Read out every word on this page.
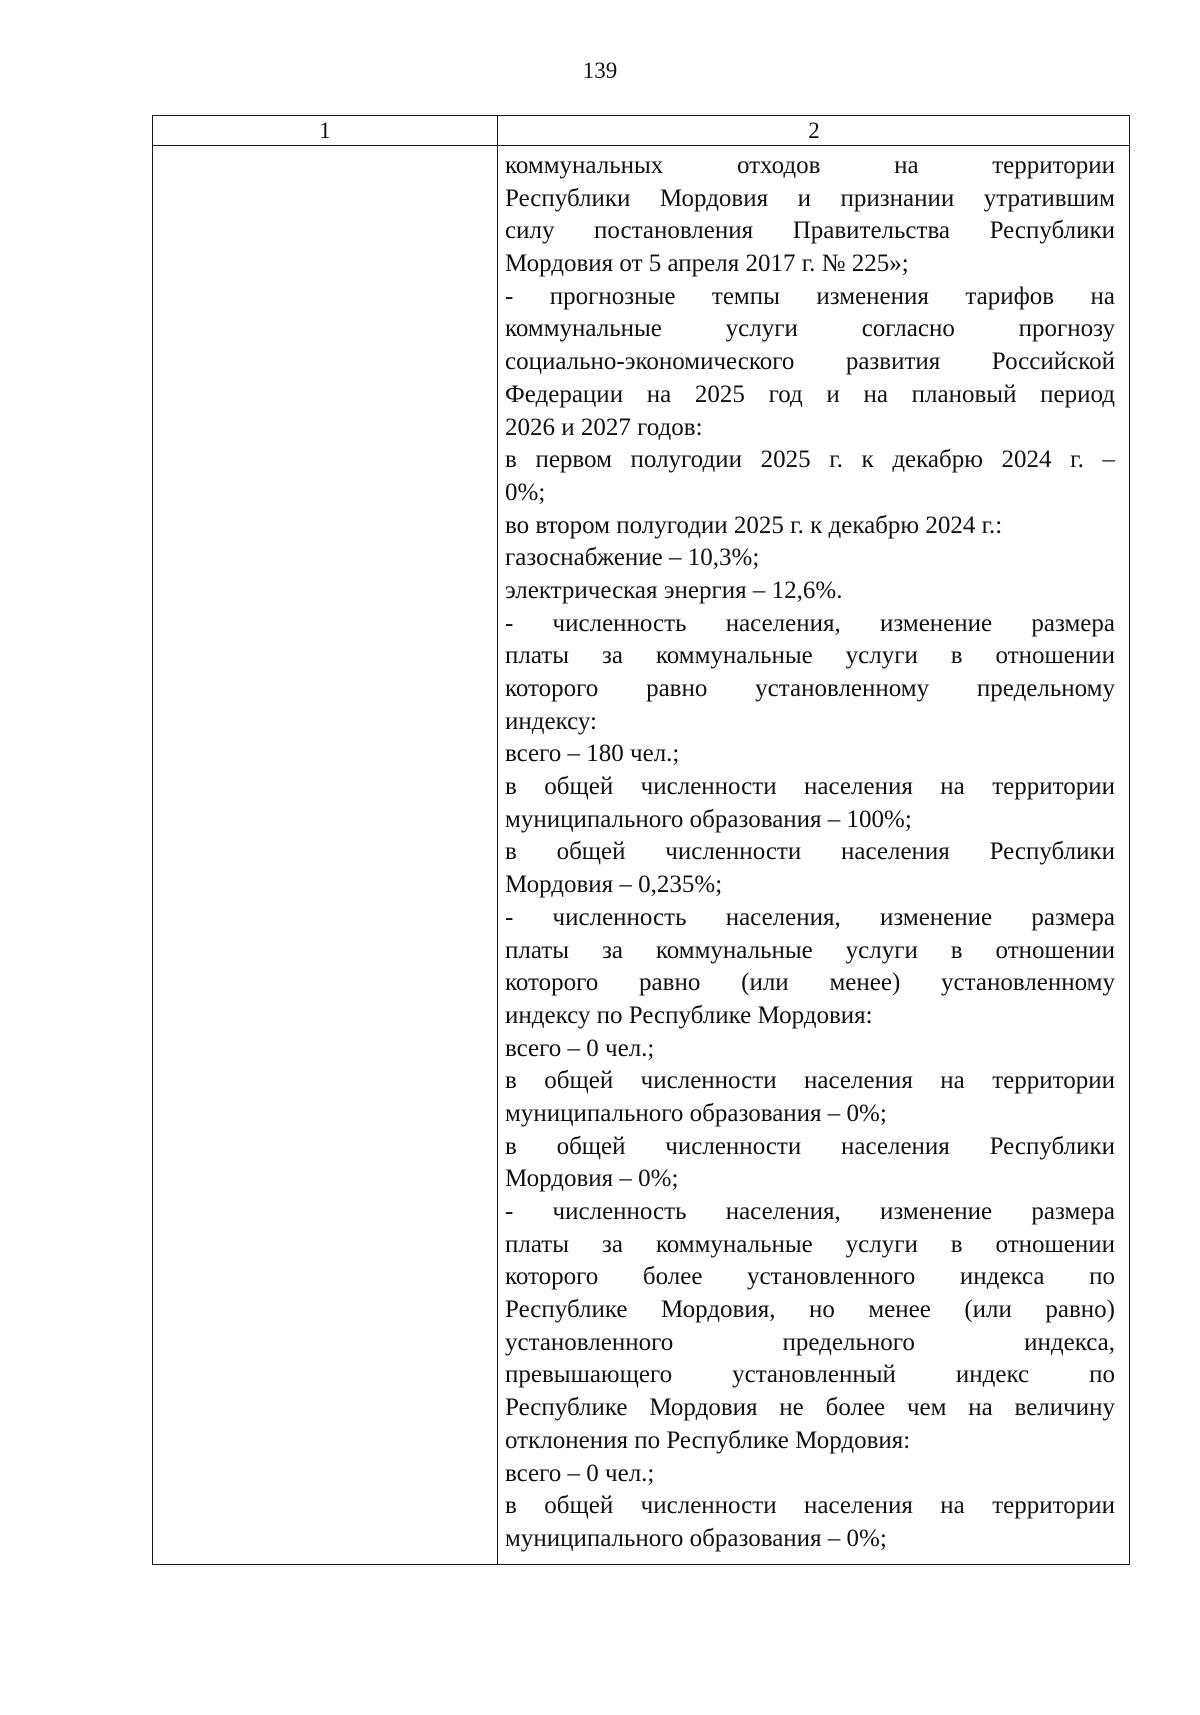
139
1	2
коммунальных отходов на территории
Республики Мордовия и признании утратившим
силу постановления Правительства Республики
Мордовия от 5 апреля 2017 г. № 225»;
- прогнозные темпы изменения тарифов на
коммунальные услуги согласно прогнозу
социально-экономического развития Российской
Федерации на 2025 год и на плановый период
2026 и 2027 годов:
в первом полугодии 2025 г. к декабрю 2024 г. –
0%;
во втором полугодии 2025 г. к декабрю 2024 г.:
газоснабжение – 10,3%;
электрическая энергия – 12,6%.
- численность населения, изменение размера
платы за коммунальные услуги в отношении
которого равно установленному предельному
индексу:
всего – 180 чел.;
в общей численности населения на территории
муниципального образования – 100%;
в общей численности населения Республики
Мордовия – 0,235%;
- численность населения, изменение размера
платы за коммунальные услуги в отношении
которого равно (или менее) установленному
индексу по Республике Мордовия:
всего – 0 чел.;
в общей численности населения на территории
муниципального образования – 0%;
в общей численности населения Республики
Мордовия – 0%;
- численность населения, изменение размера
платы за коммунальные услуги в отношении
которого более установленного индекса по
Республике Мордовия, но менее (или равно)
установленного предельного индекса,
превышающего установленный индекс по
Республике Мордовия не более чем на величину
отклонения по Республике Мордовия:
всего – 0 чел.;
в общей численности населения на территории
муниципального образования – 0%;
